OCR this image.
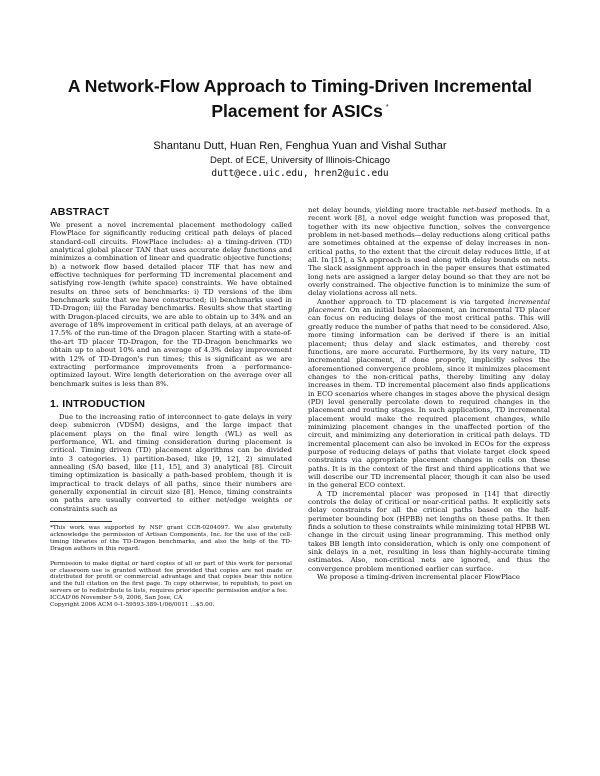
A Network-Flow Approach to Timing-Driven Incremental Placement for ASICs *
Shantanu Dutt, Huan Ren, Fenghua Yuan and Vishal Suthar
Dept. of ECE, University of Illinois-Chicago
dutt@ece.uic.edu, hren2@uic.edu
ABSTRACT

We present a novel incremental placement methodology called FlowPlace for significantly reducing critical path delays of placed standard-cell circuits. FlowPlace includes: a) a timing-driven (TD) analytical global placer TAN that uses accurate delay functions and minimizes a combination of linear and quadratic objective functions; b) a network flow based detailed placer TIF that has new and effective techniques for performing TD incremental placement and satisfying row-length (white space) constraints. We have obtained results on three sets of benchmarks: i) TD versions of the ibm benchmark suite that we have constructed; ii) benchmarks used in TD-Dragon; iii) the Faraday benchmarks. Results show that starting with Dragon-placed circuits, we are able to obtain up to 34% and an average of 18% improvement in critical path delays, at an average of 17.5% of the run-time of the Dragon placer. Starting with a state-of-the-art TD placer TD-Dragon, for the TD-Dragon benchmarks we obtain up to about 10% and an average of 4.3% delay improvement with 12% of TD-Dragon's run times; this is significant as we are extracting performance improvements from a performance-optimized layout. Wire length deterioration on the average over all benchmark suites is less than 8%.

1. INTRODUCTION

Due to the increasing ratio of interconnect to gate delays in very deep submicron (VDSM) designs, and the large impact that placement plays on the final wire length (WL) as well as performance, WL and timing consideration during placement is critical. Timing driven (TD) placement algorithms can be divided into 3 categories. 1) partition-based, like [9, 12], 2) simulated annealing (SA) based, like [11, 15], and 3) analytical [8]. Circuit timing optimization is basically a path-based problem, though it is impractical to track delays of all paths, since their numbers are generally exponential in circuit size [8]. Hence, timing constraints on paths are usually converted to either net/edge weights or constraints such as

*This work was supported by NSF grant CCR-0204097. We also gratefully acknowledge the permission of Artisan Components, Inc. for the use of the cell-timing libraries of the TD-Dragon benchmarks, and also the help of the TD-Dragon authors in this regard.

Permission to make digital or hard copies of all or part of this work for personal or classroom use is granted without fee provided that copies are not made or distributed for profit or commercial advantage and that copies bear this notice and the full citation on the first page. To copy otherwise, to republish, to post on servers or to redistribute to lists, requires prior specific permission and/or a fee.

ICCAD'06 November 5-9, 2006, San Jose, CA
Copyright 2006 ACM 0-1-59593-389-1/06/0011 ...$5.00.

net delay bounds, yielding more tractable net-based methods. In a recent work [8], a novel edge weight function was proposed that, together with its new objective function, solves the convergence problem in net-based methods—delay reductions along critical paths are sometimes obtained at the expense of delay increases in non-critical paths, to the extent that the circuit delay reduces little, if at all. In [15], a SA approach is used along with delay bounds on nets. The slack assignment approach in the paper ensures that estimated long nets are assigned a larger delay bound so that they are not be overly constrained. The objective function is to minimize the sum of delay violations across all nets.

Another approach to TD placement is via targeted incremental placement. On an initial base placement, an incremental TD placer can focus on reducing delays of the most critical paths. This will greatly reduce the number of paths that need to be considered. Also, more timing information can be derived if there is an initial placement; thus delay and slack estimates, and thereby cost functions, are more accurate. Furthermore, by its very nature, TD incremental placement, if done properly, implicitly solves the aforementioned convergence problem, since it minimizes placement changes to the non-critical paths, thereby limiting any delay increases in them. TD incremental placement also finds applications in ECO scenarios where changes in stages above the physical design (PD) level generally percolate down to required changes in the placement and routing stages. In such applications, TD incremental placement would make the required placement changes, while minimizing placement changes in the unaffected portion of the circuit, and minimizing any deterioration in critical path delays. TD incremental placement can also be invoked in ECOs for the express purpose of reducing delays of paths that violate target clock speed constraints via appropriate placement changes in cells on these paths. It is in the context of the first and third applications that we will describe our TD incremental placer, though it can also be used in the general ECO context.

A TD incremental placer was proposed in [14] that directly controls the delay of critical or near-critical paths. It explicitly sets delay constraints for all the critical paths based on the half-perimeter bounding box (HPBB) net lengths on these paths. It then finds a solution to these constraints while minimizing total HPBB WL change in the circuit using linear programming. This method only takes BB length into consideration, which is only one component of sink delays in a net, resulting in less than highly-accurate timing estimates. Also, non-critical nets are ignored, and thus the convergence problem mentioned earlier can surface.

We propose a timing-driven incremental placer FlowPlace
